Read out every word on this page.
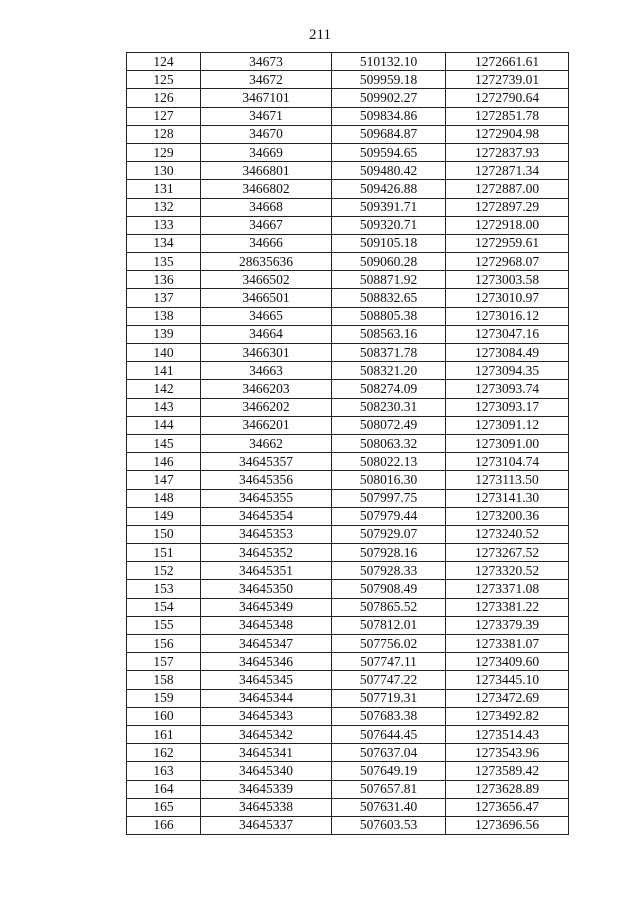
211
124	34673	510132.10	1272661.61
125	34672	509959.18	1272739.01
126	3467101	509902.27	1272790.64
127	34671	509834.86	1272851.78
128	34670	509684.87	1272904.98
129	34669	509594.65	1272837.93
130	3466801	509480.42	1272871.34
131	3466802	509426.88	1272887.00
132	34668	509391.71	1272897.29
133	34667	509320.71	1272918.00
134	34666	509105.18	1272959.61
135	28635636	509060.28	1272968.07
136	3466502	508871.92	1273003.58
137	3466501	508832.65	1273010.97
138	34665	508805.38	1273016.12
139	34664	508563.16	1273047.16
140	3466301	508371.78	1273084.49
141	34663	508321.20	1273094.35
142	3466203	508274.09	1273093.74
143	3466202	508230.31	1273093.17
144	3466201	508072.49	1273091.12
145	34662	508063.32	1273091.00
146	34645357	508022.13	1273104.74
147	34645356	508016.30	1273113.50
148	34645355	507997.75	1273141.30
149	34645354	507979.44	1273200.36
150	34645353	507929.07	1273240.52
151	34645352	507928.16	1273267.52
152	34645351	507928.33	1273320.52
153	34645350	507908.49	1273371.08
154	34645349	507865.52	1273381.22
155	34645348	507812.01	1273379.39
156	34645347	507756.02	1273381.07
157	34645346	507747.11	1273409.60
158	34645345	507747.22	1273445.10
159	34645344	507719.31	1273472.69
160	34645343	507683.38	1273492.82
161	34645342	507644.45	1273514.43
162	34645341	507637.04	1273543.96
163	34645340	507649.19	1273589.42
164	34645339	507657.81	1273628.89
165	34645338	507631.40	1273656.47
166	34645337	507603.53	1273696.56
